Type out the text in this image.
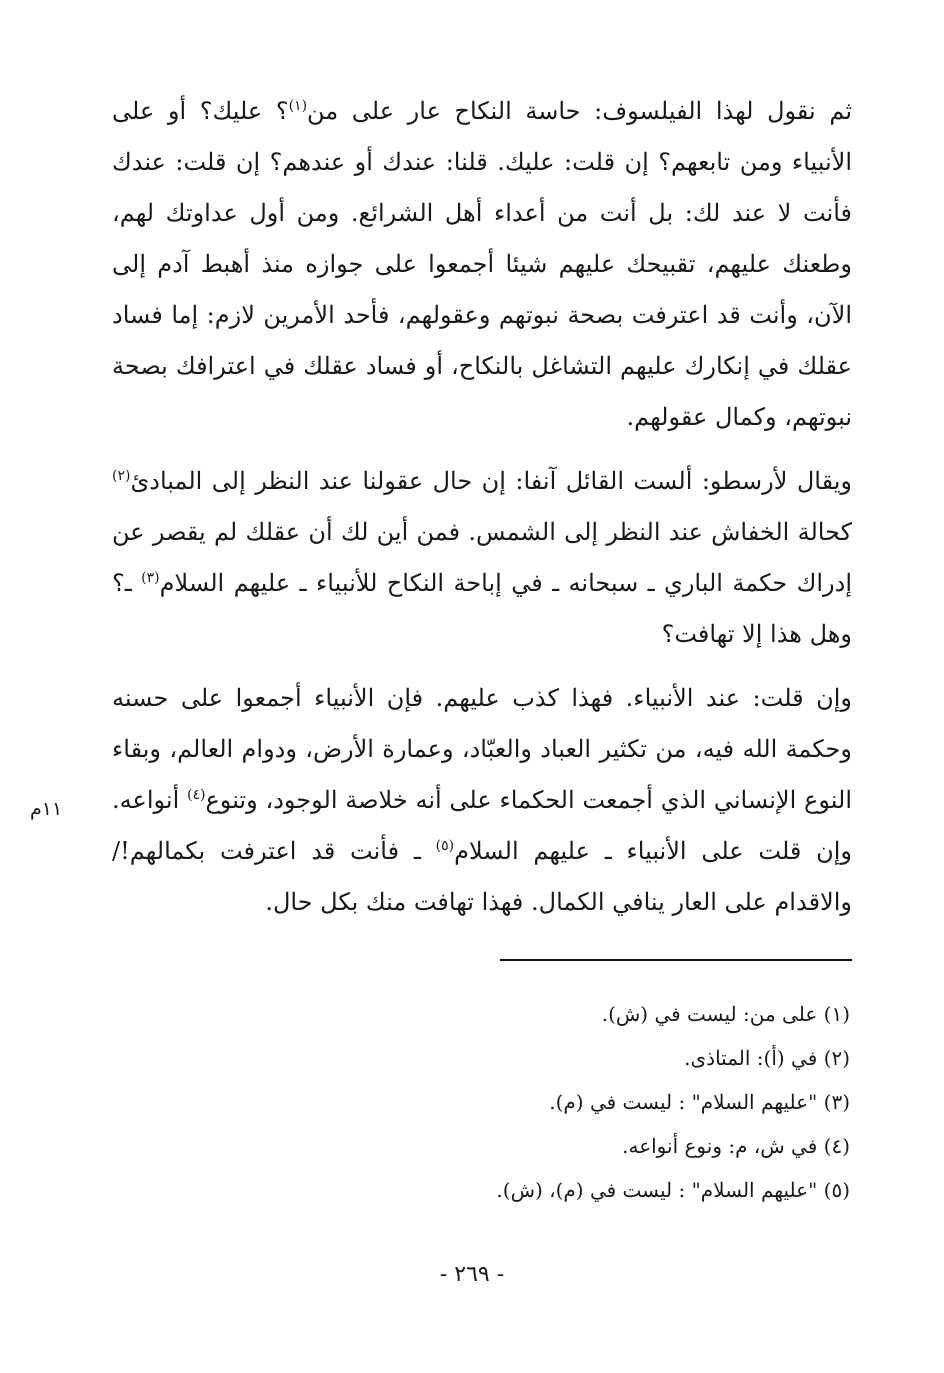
ثم نقول لهذا الفيلسوف: حاسة النكاح عار على من$^{(١)}$؟ عليك؟ أو على الأنبياء ومن تابعهم؟ إن قلت: عليك. قلنا: عندك أو عندهم؟ إن قلت: عندك فأنت لا عند لك: بل أنت من أعداء أهل الشرائع. ومن أول عداوتك لهم، وطعنك عليهم، تقبيحك عليهم شيئا أجمعوا على جوازه منذ أهبط آدم إلى الآن، وأنت قد اعترفت بصحة نبوتهم وعقولهم، فأحد الأمرين لازم: إما فساد عقلك في إنكارك عليهم التشاغل بالنكاح، أو فساد عقلك في اعترافك بصحة نبوتهم، وكمال عقولهم.

ويقال لأرسطو: ألست القائل آنفا: إن حال عقولنا عند النظر إلى المبادئ$^{(٢)}$ كحالة الخفاش عند النظر إلى الشمس. فمن أين لك أن عقلك لم يقصر عن إدراك حكمة الباري ـ سبحانه ـ في إباحة النكاح للأنبياء ـ عليهم السلام$^{(٣)}$ ـ؟ وهل هذا إلا تهافت؟

وإن قلت: عند الأنبياء. فهذا كذب عليهم. فإن الأنبياء أجمعوا على حسنه وحكمة الله فيه، من تكثير العباد والعبّاد، وعمارة الأرض، ودوام العالم، وبقاء النوع الإنساني الذي أجمعت الحكماء على أنه خلاصة الوجود، وتنوع$^{(٤)}$ أنواعه. وإن قلت على الأنبياء ـ عليهم السلام$^{(٥)}$ ـ فأنت قد اعترفت بكمالهم!/ والاقدام على العار ينافي الكمال. فهذا تهافت منك بكل حال.

١١م

(١) على من: ليست في (ش).

(٢) في (أ): المتاذى.

(٣) "عليهم السلام" : ليست في (م).

(٤) في ش، م: ونوع أنواعه.

(٥) "عليهم السلام" : ليست في (م)، (ش).

- ٢٦٩ -
